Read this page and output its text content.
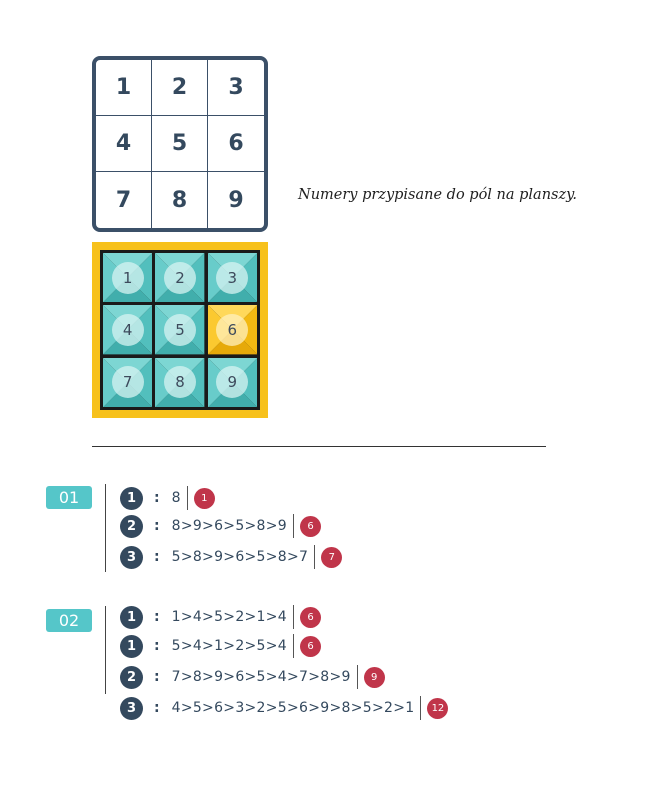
1	2	3
4	5	6
7	8	9	Numery przypisane do pól na planszy.
1	2	3
4	5	6
7	8	9
01	1	: 8	1
2	: 8>9>6>5>8>9	6
3	: 5>8>9>6>5>8>7	7
02	1	: 1>4>5>2>1>4	6
1	: 5>4>1>2>5>4	6
2	: 7>8>9>6>5>4>7>8>9	9
3	: 4>5>6>3>2>5>6>9>8>5>2>1	12
